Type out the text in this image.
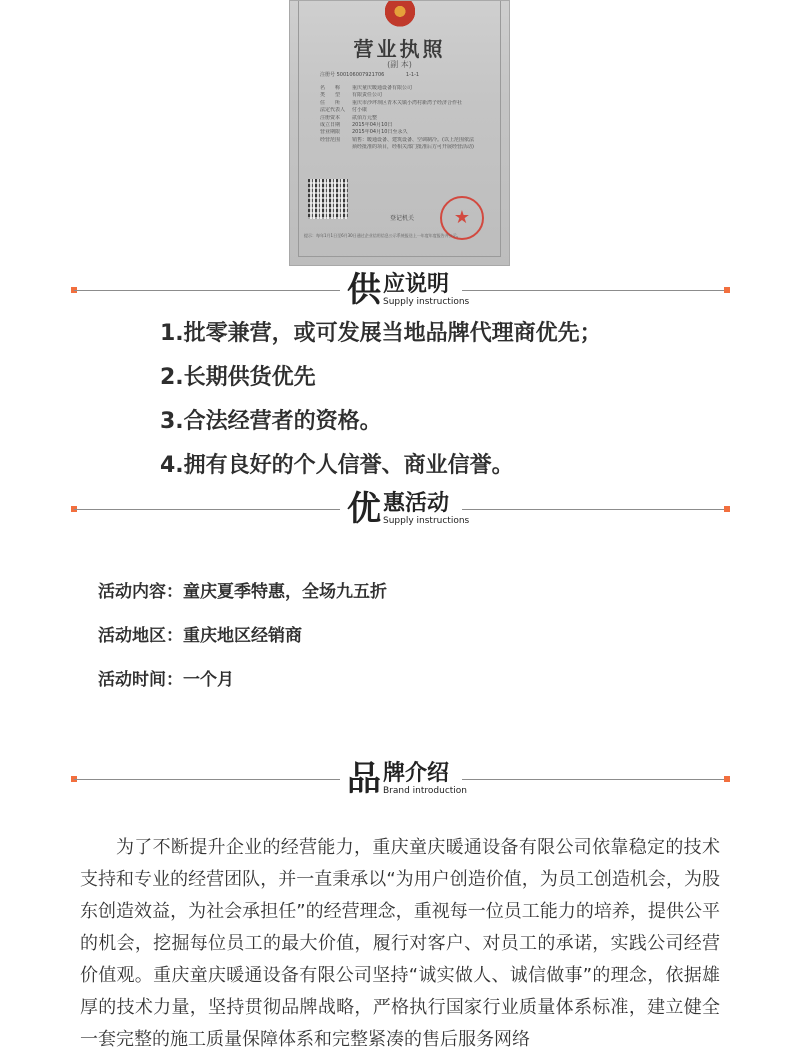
营业执照
(副 本)
注册号 500106007921706	1-1-1
名　　称	重庆童庆暖通设备有限公司
类　　型	有限责任公司
住　　所	重庆市沙坪坝区青木关镇小湾村新湾子经济合作社
法定代表人	付小康
注册资本	贰佰万元整
成立日期	2015年04月10日
营业期限	2015年04月10日至永久
经营范围	销售：暖通设备、建筑设备、空调制冷。(以上范围依法
须经批准的项目，经相关部门批准后方可开展经营活动)
登记机关	★
提示：每年1月1日至6月30日通过企业信用信息公示系统报送上一年度年度报告并公示。
供 应说明
Supply instructions
1.批零兼营，或可发展当地品牌代理商优先；
2.长期供货优先
3.合法经营者的资格。
4.拥有良好的个人信誉、商业信誉。
优 惠活动
Supply instructions
活动内容：童庆夏季特惠，全场九五折
活动地区：重庆地区经销商
活动时间：一个月
品 牌介绍
Brand introduction

为了不断提升企业的经营能力，重庆童庆暖通设备有限公司依靠稳定的技术支持和专业的经营团队，并一直秉承以“为用户创造价值，为员工创造机会，为股东创造效益，为社会承担任”的经营理念，重视每一位员工能力的培养，提供公平的机会，挖掘每位员工的最大价值，履行对客户、对员工的承诺，实践公司经营价值观。重庆童庆暖通设备有限公司坚持“诚实做人、诚信做事”的理念，依据雄厚的技术力量，坚持贯彻品牌战略，严格执行国家行业质量体系标准，建立健全一套完整的施工质量保障体系和完整紧凑的售后服务网络
